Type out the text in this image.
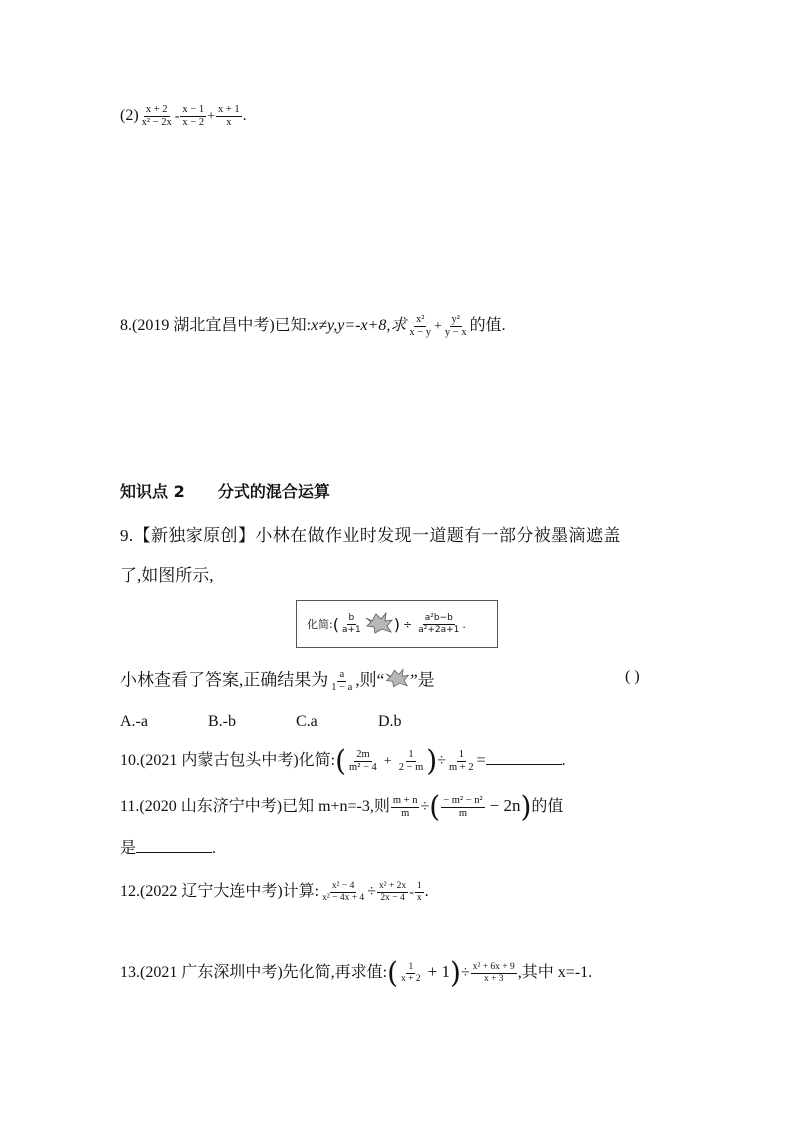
$(2) \frac{x + 2}{\text{x² − 2x}} - \frac{x - 1}{x - 2} + \frac{x + 1}{x}$ .
8.(2019 湖北宜昌中考)已知:x≠y,y=-x+8,求 $\frac{\text{x²}}{x - y} + \frac{\text{y²}}{y - x}$ 的值.
知识点 2 分式的混合运算
9.【新独家原创】小林在做作业时发现一道题有一部分被墨滴遮盖
了,如图所示,
化简: ( $\frac{b}{a+1}$ ) ÷ $\frac{\text{a²b−b}}{\text{a²+2a+1}}$ .
小林查看了答案,正确结果为 $\frac{a}{1 - a}$ ,则“ ”是	( )
A.-a	B.-b	C.a	D.b
10.(2021 内蒙古包头中考)化简:( $\frac{2m}{\text{m² − 4}} + \frac{1}{2 - m}$ )÷ $\frac{1}{m + 2}$ =	.
11.(2020 山东济宁中考)已知 m+n=-3,则 $\frac{m + n}{m}$ ÷( $\frac{\text{− m² − n²}}{m} - 2n$)的值
是	.
12.(2022 辽宁大连中考)计算: $\frac{\text{x² − 4}}{\text{x² − 4x + 4}} \div \frac{\text{x² + 2x}}{2x - 4} - \frac{1}{x}$ .
13.(2021 广东深圳中考)先化简,再求值:( $\frac{1}{x + 2} + 1)\div \frac{\text{x² + 6x + 9}}{x + 3}$ ,其中 x=-1.
